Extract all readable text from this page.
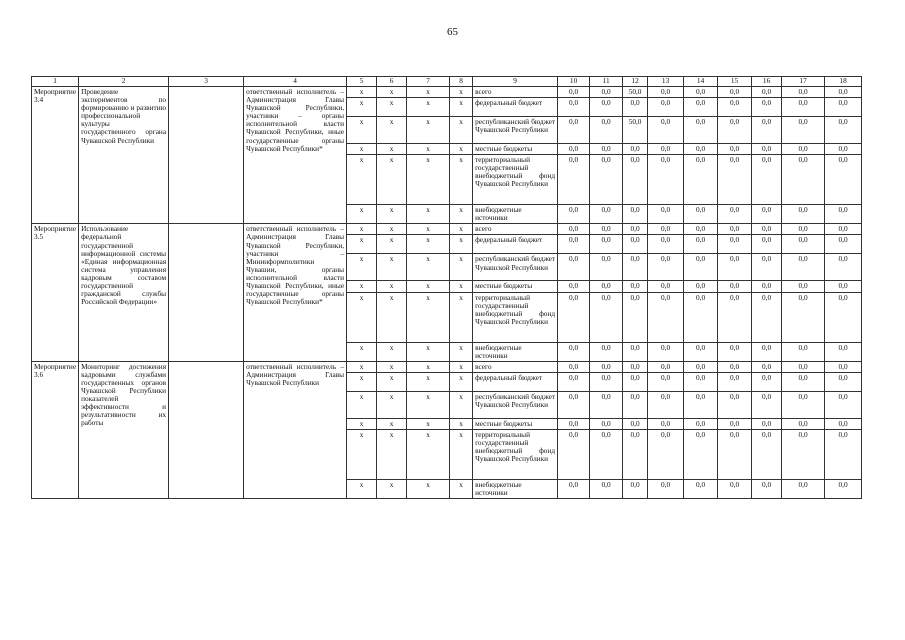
65
1	2	3	4	5	6	7	8	9	10	11	12	13	14	15	16	17	18
Мероприятие 3.4	Проведение экспериментов по формированию и развитию профессиональной культуры государственного органа Чувашской Республики		ответственный исполнитель – Администрация Главы Чувашской Республики, участники – органы исполнительной власти Чувашской Республики, иные государственные органы Чувашской Республики*	x	x	x	x	всего	0,0	0,0	50,0	0,0	0,0	0,0	0,0	0,0	0,0
				x	x	x	x	федеральный бюджет	0,0	0,0	0,0	0,0	0,0	0,0	0,0	0,0	0,0
				x	x	x	x	республиканский бюджет Чувашской Республики	0,0	0,0	50,0	0,0	0,0	0,0	0,0	0,0	0,0
				x	x	x	x	местные бюджеты	0,0	0,0	0,0	0,0	0,0	0,0	0,0	0,0	0,0
				x	x	x	x	территориальный государственный внебюджетный фонд Чувашской Республики	0,0	0,0	0,0	0,0	0,0	0,0	0,0	0,0	0,0
				x	x	x	x	внебюджетные источники	0,0	0,0	0,0	0,0	0,0	0,0	0,0	0,0	0,0
Мероприятие 3.5	Использование федеральной государственной информационной системы «Единая информационная система управления кадровым составом государственной гражданской службы Российской Федерации»		ответственный исполнитель – Администрация Главы Чувашской Республики, участники – Мининформполитики Чувашии, органы исполнительной власти Чувашской Республики, иные государственные органы Чувашской Республики*	x	x	x	x	всего	0,0	0,0	0,0	0,0	0,0	0,0	0,0	0,0	0,0
				x	x	x	x	федеральный бюджет	0,0	0,0	0,0	0,0	0,0	0,0	0,0	0,0	0,0
				x	x	x	x	республиканский бюджет Чувашской Республики	0,0	0,0	0,0	0,0	0,0	0,0	0,0	0,0	0,0
				x	x	x	x	местные бюджеты	0,0	0,0	0,0	0,0	0,0	0,0	0,0	0,0	0,0
				x	x	x	x	территориальный государственный внебюджетный фонд Чувашской Республики	0,0	0,0	0,0	0,0	0,0	0,0	0,0	0,0	0,0
				x	x	x	x	внебюджетные источники	0,0	0,0	0,0	0,0	0,0	0,0	0,0	0,0	0,0
Мероприятие 3.6	Мониторинг достижения кадровыми службами государственных органов Чувашской Республики показателей эффективности и результативности их работы		ответственный исполнитель – Администрация Главы Чувашской Республики	x	x	x	x	всего	0,0	0,0	0,0	0,0	0,0	0,0	0,0	0,0	0,0
				x	x	x	x	федеральный бюджет	0,0	0,0	0,0	0,0	0,0	0,0	0,0	0,0	0,0
				x	x	x	x	республиканский бюджет Чувашской Республики	0,0	0,0	0,0	0,0	0,0	0,0	0,0	0,0	0,0
				x	x	x	x	местные бюджеты	0,0	0,0	0,0	0,0	0,0	0,0	0,0	0,0	0,0
				x	x	x	x	территориальный государственный внебюджетный фонд Чувашской Республики	0,0	0,0	0,0	0,0	0,0	0,0	0,0	0,0	0,0
				x	x	x	x	внебюджетные источники	0,0	0,0	0,0	0,0	0,0	0,0	0,0	0,0	0,0
